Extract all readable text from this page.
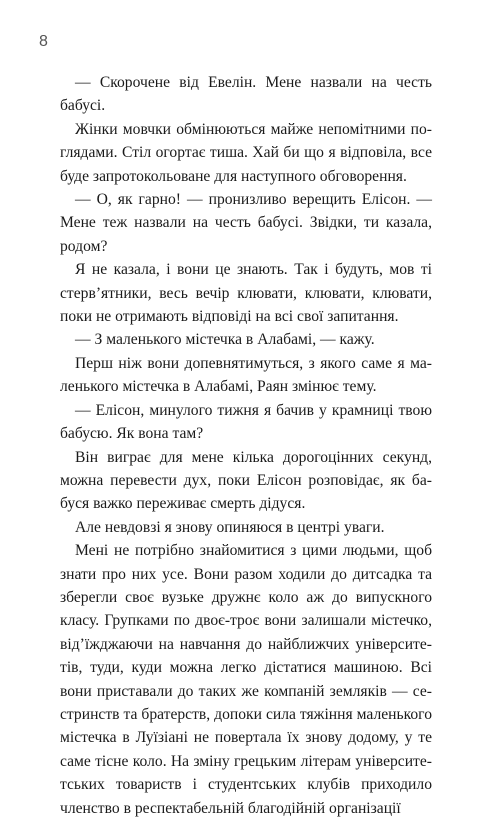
8

— Скорочене від Евелін. Мене назвали на честь бабусі.

Жінки мовчки обмінюються майже непомітними поглядами. Стіл огортає тиша. Хай би що я відповіла, все буде запротокольоване для наступного обговорення.

— О, як гарно! — пронизливо верещить Елісон. — Мене теж назвали на честь бабусі. Звідки, ти казала, родом?

Я не казала, і вони це знають. Так і будуть, мов ті стерв’ятники, весь вечір клювати, клювати, клювати, поки не отримають відповіді на всі свої запитання.

— З маленького містечка в Алабамі, — кажу.

Перш ніж вони допевнятимуться, з якого саме я маленького містечка в Алабамі, Раян змінює тему.

— Елісон, минулого тижня я бачив у крамниці твою бабусю. Як вона там?

Він виграє для мене кілька дорогоцінних секунд, можна перевести дух, поки Елісон розповідає, як бабуся важко переживає смерть дідуся.

Але невдовзі я знову опиняюся в центрі уваги.

Мені не потрібно знайомитися з цими людьми, щоб знати про них усе. Вони разом ходили до дитсадка та зберегли своє вузьке дружнє коло аж до випускного класу. Групками по двоє-троє вони залишали містечко, від’їжджаючи на навчання до найближчих університетів, туди, куди можна легко дістатися машиною. Всі вони приставали до таких же компаній земляків — сестринств та братерств, допоки сила тяжіння маленького містечка в Луїзіані не повертала їх знову додому, у те саме тісне коло. На зміну грецьким літерам університетських товариств і студентських клубів приходило членство в респектабельній благодійній організації
